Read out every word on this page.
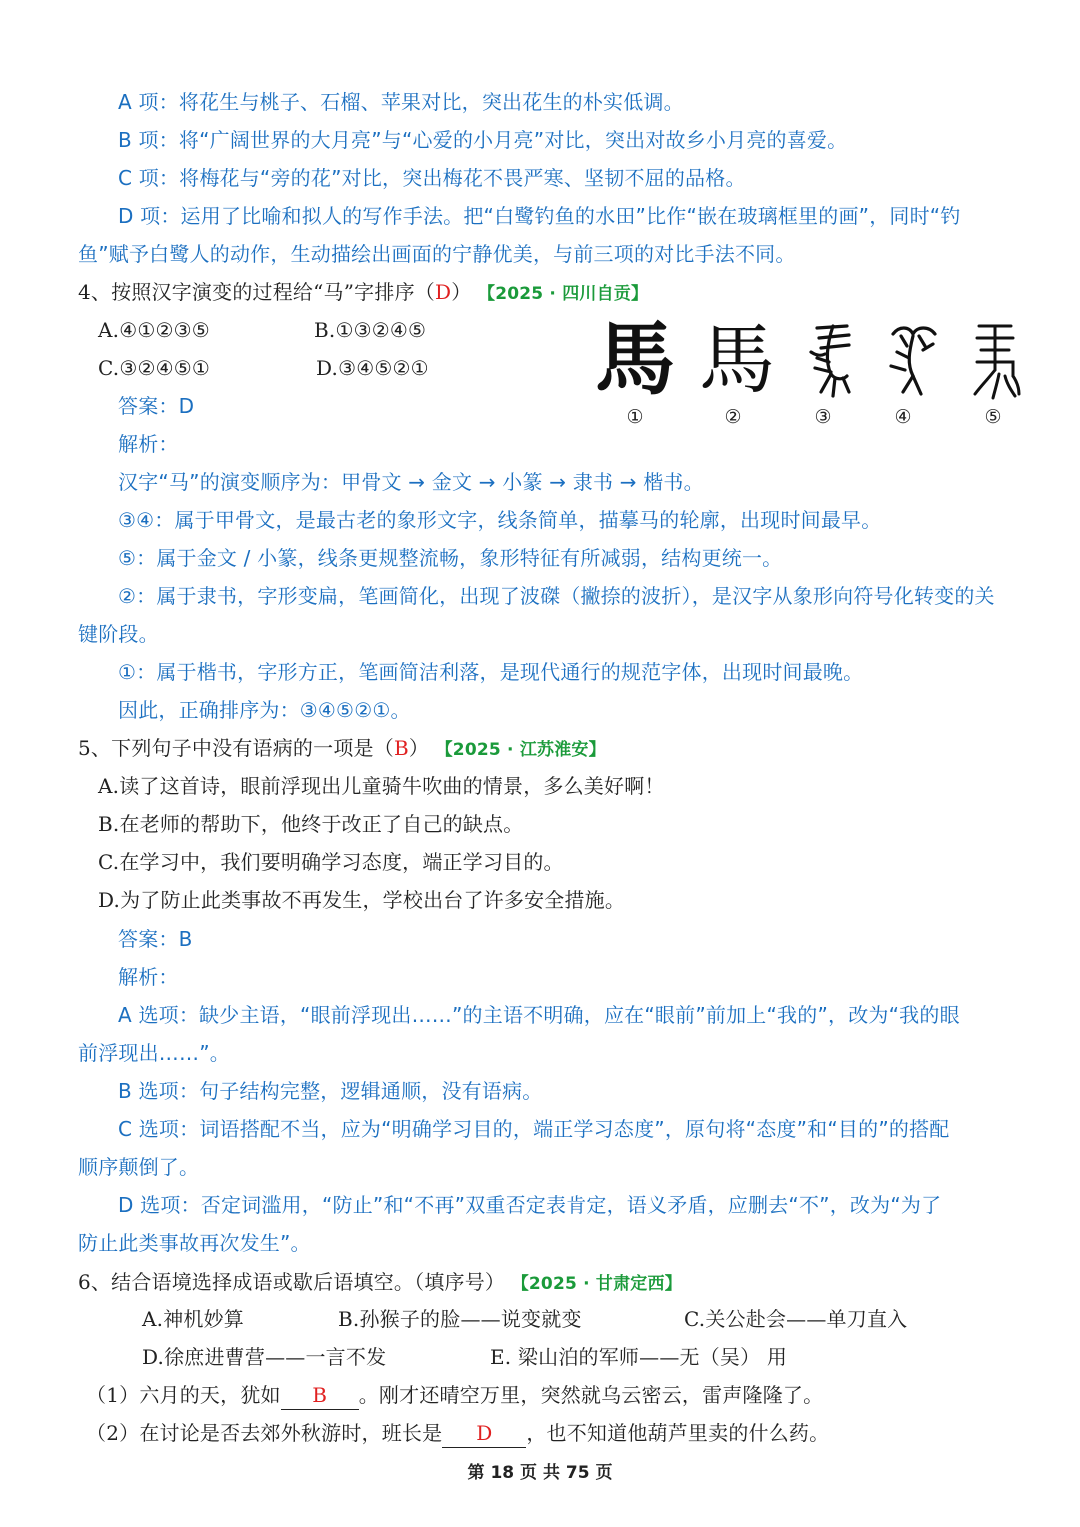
A 项：将花生与桃子、石榴、苹果对比，突出花生的朴实低调。
B 项：将“广阔世界的大月亮”与“心爱的小月亮”对比，突出对故乡小月亮的喜爱。
C 项：将梅花与“旁的花”对比，突出梅花不畏严寒、坚韧不屈的品格。
D 项：运用了比喻和拟人的写作手法。把“白鹭钓鱼的水田”比作“嵌在玻璃框里的画”，同时“钓
鱼”赋予白鹭人的动作，生动描绘出画面的宁静优美，与前三项的对比手法不同。
4、按照汉字演变的过程给“马”字排序（D） 【2025 · 四川自贡】
A.④①②③⑤	B.①③②④⑤
C.③②④⑤①	D.③④⑤②① 馬 馬
①	②	③	④	⑤
答案：D
解析：
汉字“马”的演变顺序为：甲骨文 → 金文 → 小篆 → 隶书 → 楷书。
③④：属于甲骨文，是最古老的象形文字，线条简单，描摹马的轮廓，出现时间最早。
⑤：属于金文 / 小篆，线条更规整流畅，象形特征有所减弱，结构更统一。
②：属于隶书，字形变扁，笔画简化，出现了波磔（撇捺的波折），是汉字从象形向符号化转变的关
键阶段。
①：属于楷书，字形方正，笔画简洁利落，是现代通行的规范字体，出现时间最晚。
因此，正确排序为：③④⑤②①。
5、下列句子中没有语病的一项是（B） 【2025 · 江苏淮安】
A.读了这首诗，眼前浮现出儿童骑牛吹曲的情景，多么美好啊！
B.在老师的帮助下，他终于改正了自己的缺点。
C.在学习中，我们要明确学习态度，端正学习目的。
D.为了防止此类事故不再发生，学校出台了许多安全措施。
答案：B
解析：
A 选项：缺少主语，“眼前浮现出……”的主语不明确，应在“眼前”前加上“我的”，改为“我的眼
前浮现出……”。
B 选项：句子结构完整，逻辑通顺，没有语病。
C 选项：词语搭配不当，应为“明确学习目的，端正学习态度”，原句将“态度”和“目的”的搭配
顺序颠倒了。
D 选项：否定词滥用，“防止”和“不再”双重否定表肯定，语义矛盾，应删去“不”，改为“为了
防止此类事故再次发生”。
6、结合语境选择成语或歇后语填空。（填序号） 【2025 · 甘肃定西】
A.神机妙算	B.孙猴子的脸——说变就变	C.关公赴会——单刀直入
D.徐庶进曹营——一言不发	E. 梁山泊的军师——无（吴） 用
（1）六月的天，犹如 B 。刚才还晴空万里，突然就乌云密云，雷声隆隆了。
（2）在讨论是否去郊外秋游时，班长是 D ，也不知道他葫芦里卖的什么药。
第 18 页 共 75 页
